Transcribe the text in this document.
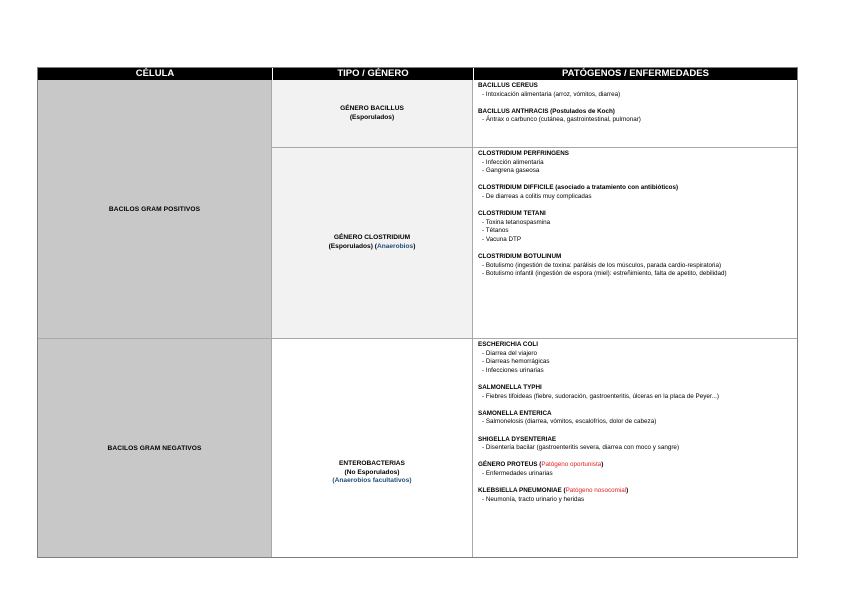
CÉLULA	TIPO / GÉNERO	PATÓGENOS / ENFERMEDADES
BACILOS GRAM POSITIVOS
GÉNERO BACILLUS
(Esporulados)
BACILLUS CEREUS
- Intoxicación alimentaria (arroz, vómitos, diarrea)
BACILLUS ANTHRACIS (Postulados de Koch)
- Ántrax o carbunco (cutánea, gastrointestinal, pulmonar)
GÉNERO CLOSTRIDIUM
(Esporulados) (Anaerobios)
CLOSTRIDIUM PERFRINGENS
- Infección alimentaria
- Gangrena gaseosa
CLOSTRIDIUM DIFFICILE (asociado a tratamiento con antibióticos)
- De diarreas a colitis muy complicadas
CLOSTRIDIUM TETANI
- Toxina tetanospasmina
- Tétanos
- Vacuna DTP
CLOSTRIDIUM BOTULINUM
- Botulismo (ingestión de toxina: parálisis de los músculos, parada cardio-respiratoria)
- Botulismo infantil (ingestión de espora (miel): estreñimiento, falta de apetito, debilidad)
BACILOS GRAM NEGATIVOS
ENTEROBACTERIAS
(No Esporulados)
(Anaerobios facultativos)
ESCHERICHIA COLI
- Diarrea del viajero
- Diarreas hemorrágicas
- Infecciones urinarias
SALMONELLA TYPHI
- Fiebres tifoideas (fiebre, sudoración, gastroenteritis, úlceras en la placa de Peyer...)
SAMONELLA ENTERICA
- Salmonelosis (diarrea, vómitos, escalofríos, dolor de cabeza)
SHIGELLA DYSENTERIAE
- Disentería bacilar (gastroenteritis severa, diarrea con moco y sangre)
GÉNERO PROTEUS (Patógeno oportunista)
- Enfermedades urinarias
KLEBSIELLA PNEUMONIAE (Patógeno nosocomial)
- Neumonía, tracto urinario y heridas
